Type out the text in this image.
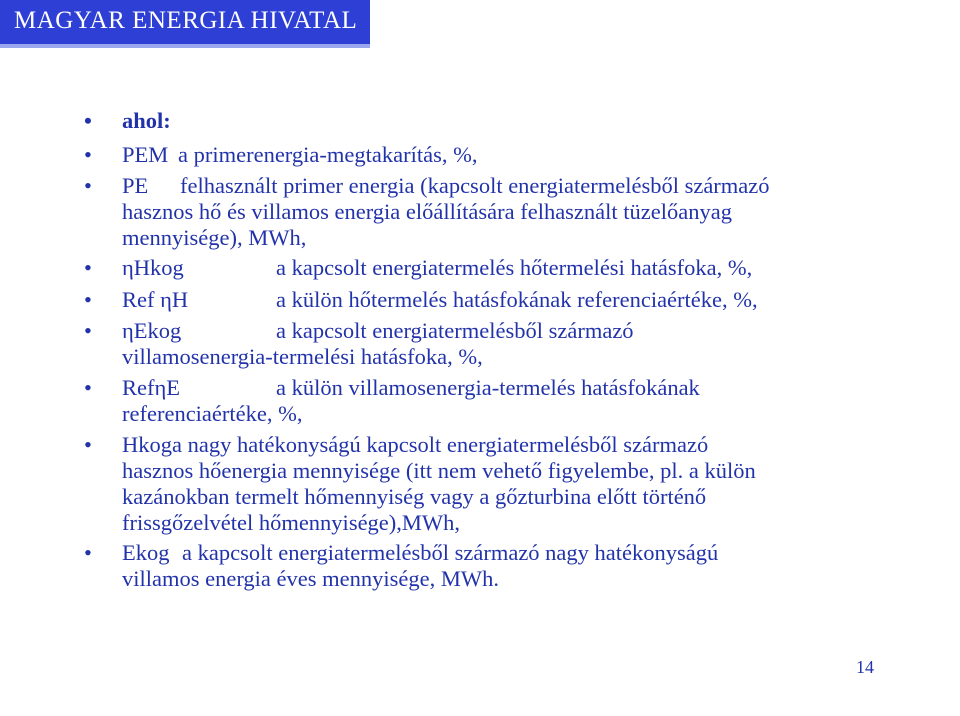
MAGYAR ENERGIA HIVATAL
• ahol:
• PEM a primerenergia-megtakarítás, %,
• PE felhasznált primer energia (kapcsolt energiatermelésből származó
hasznos hő és villamos energia előállítására felhasznált tüzelőanyag
mennyisége), MWh,
• ηHkog	a kapcsolt energiatermelés hőtermelési hatásfoka, %,
• Ref ηH	a külön hőtermelés hatásfokának referenciaértéke, %,
• ηEkog	a kapcsolt energiatermelésből származó
villamosenergia-termelési hatásfoka, %,
• RefηE	a külön villamosenergia-termelés hatásfokának
referenciaértéke, %,
• Hkoga nagy hatékonyságú kapcsolt energiatermelésből származó
hasznos hőenergia mennyisége (itt nem vehető figyelembe, pl. a külön
kazánokban termelt hőmennyiség vagy a gőzturbina előtt történő
frissgőzelvétel hőmennyisége),MWh,
• Ekog a kapcsolt energiatermelésből származó nagy hatékonyságú
villamos energia éves mennyisége, MWh.
14
